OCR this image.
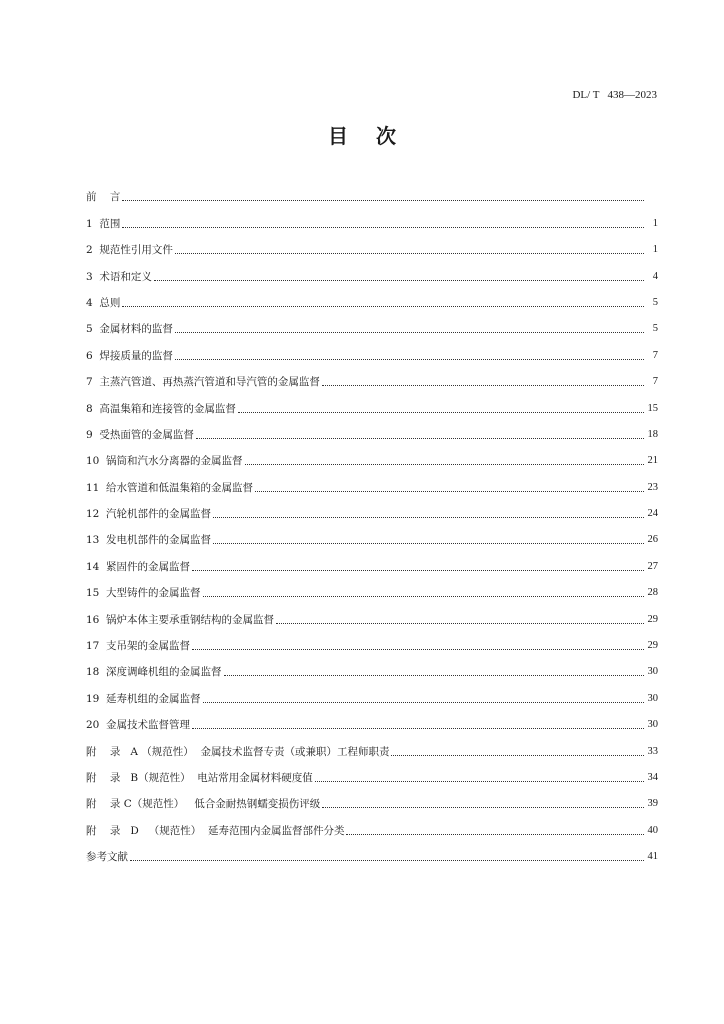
DL/ T   438—2023
目次
前    言
1  范围	1
2  规范性引用文件	1
3  术语和定义	4
4  总则	5
5  金属材料的监督	5
6  焊接质量的监督	7
7  主蒸汽管道、再热蒸汽管道和导汽管的金属监督	7
8  高温集箱和连接管的金属监督	15
9  受热面管的金属监督	18
10  锅筒和汽水分离器的金属监督	21
11  给水管道和低温集箱的金属监督	23
12  汽轮机部件的金属监督	24
13  发电机部件的金属监督	26
14  紧固件的金属监督	27
15  大型铸件的金属监督	28
16  锅炉本体主要承重钢结构的金属监督	29
17  支吊架的金属监督	29
18  深度调峰机组的金属监督	30
19  延寿机组的金属监督	30
20  金属技术监督管理	30
附    录   A （规范性）  金属技术监督专责（或兼职）工程师职责	33
附    录   B（规范性）  电站常用金属材料硬度值	34
附    录 C（规范性）   低合金耐热钢蠕变损伤评级	39
附    录   D   （规范性）  延寿范围内金属监督部件分类	40
参考文献	41
